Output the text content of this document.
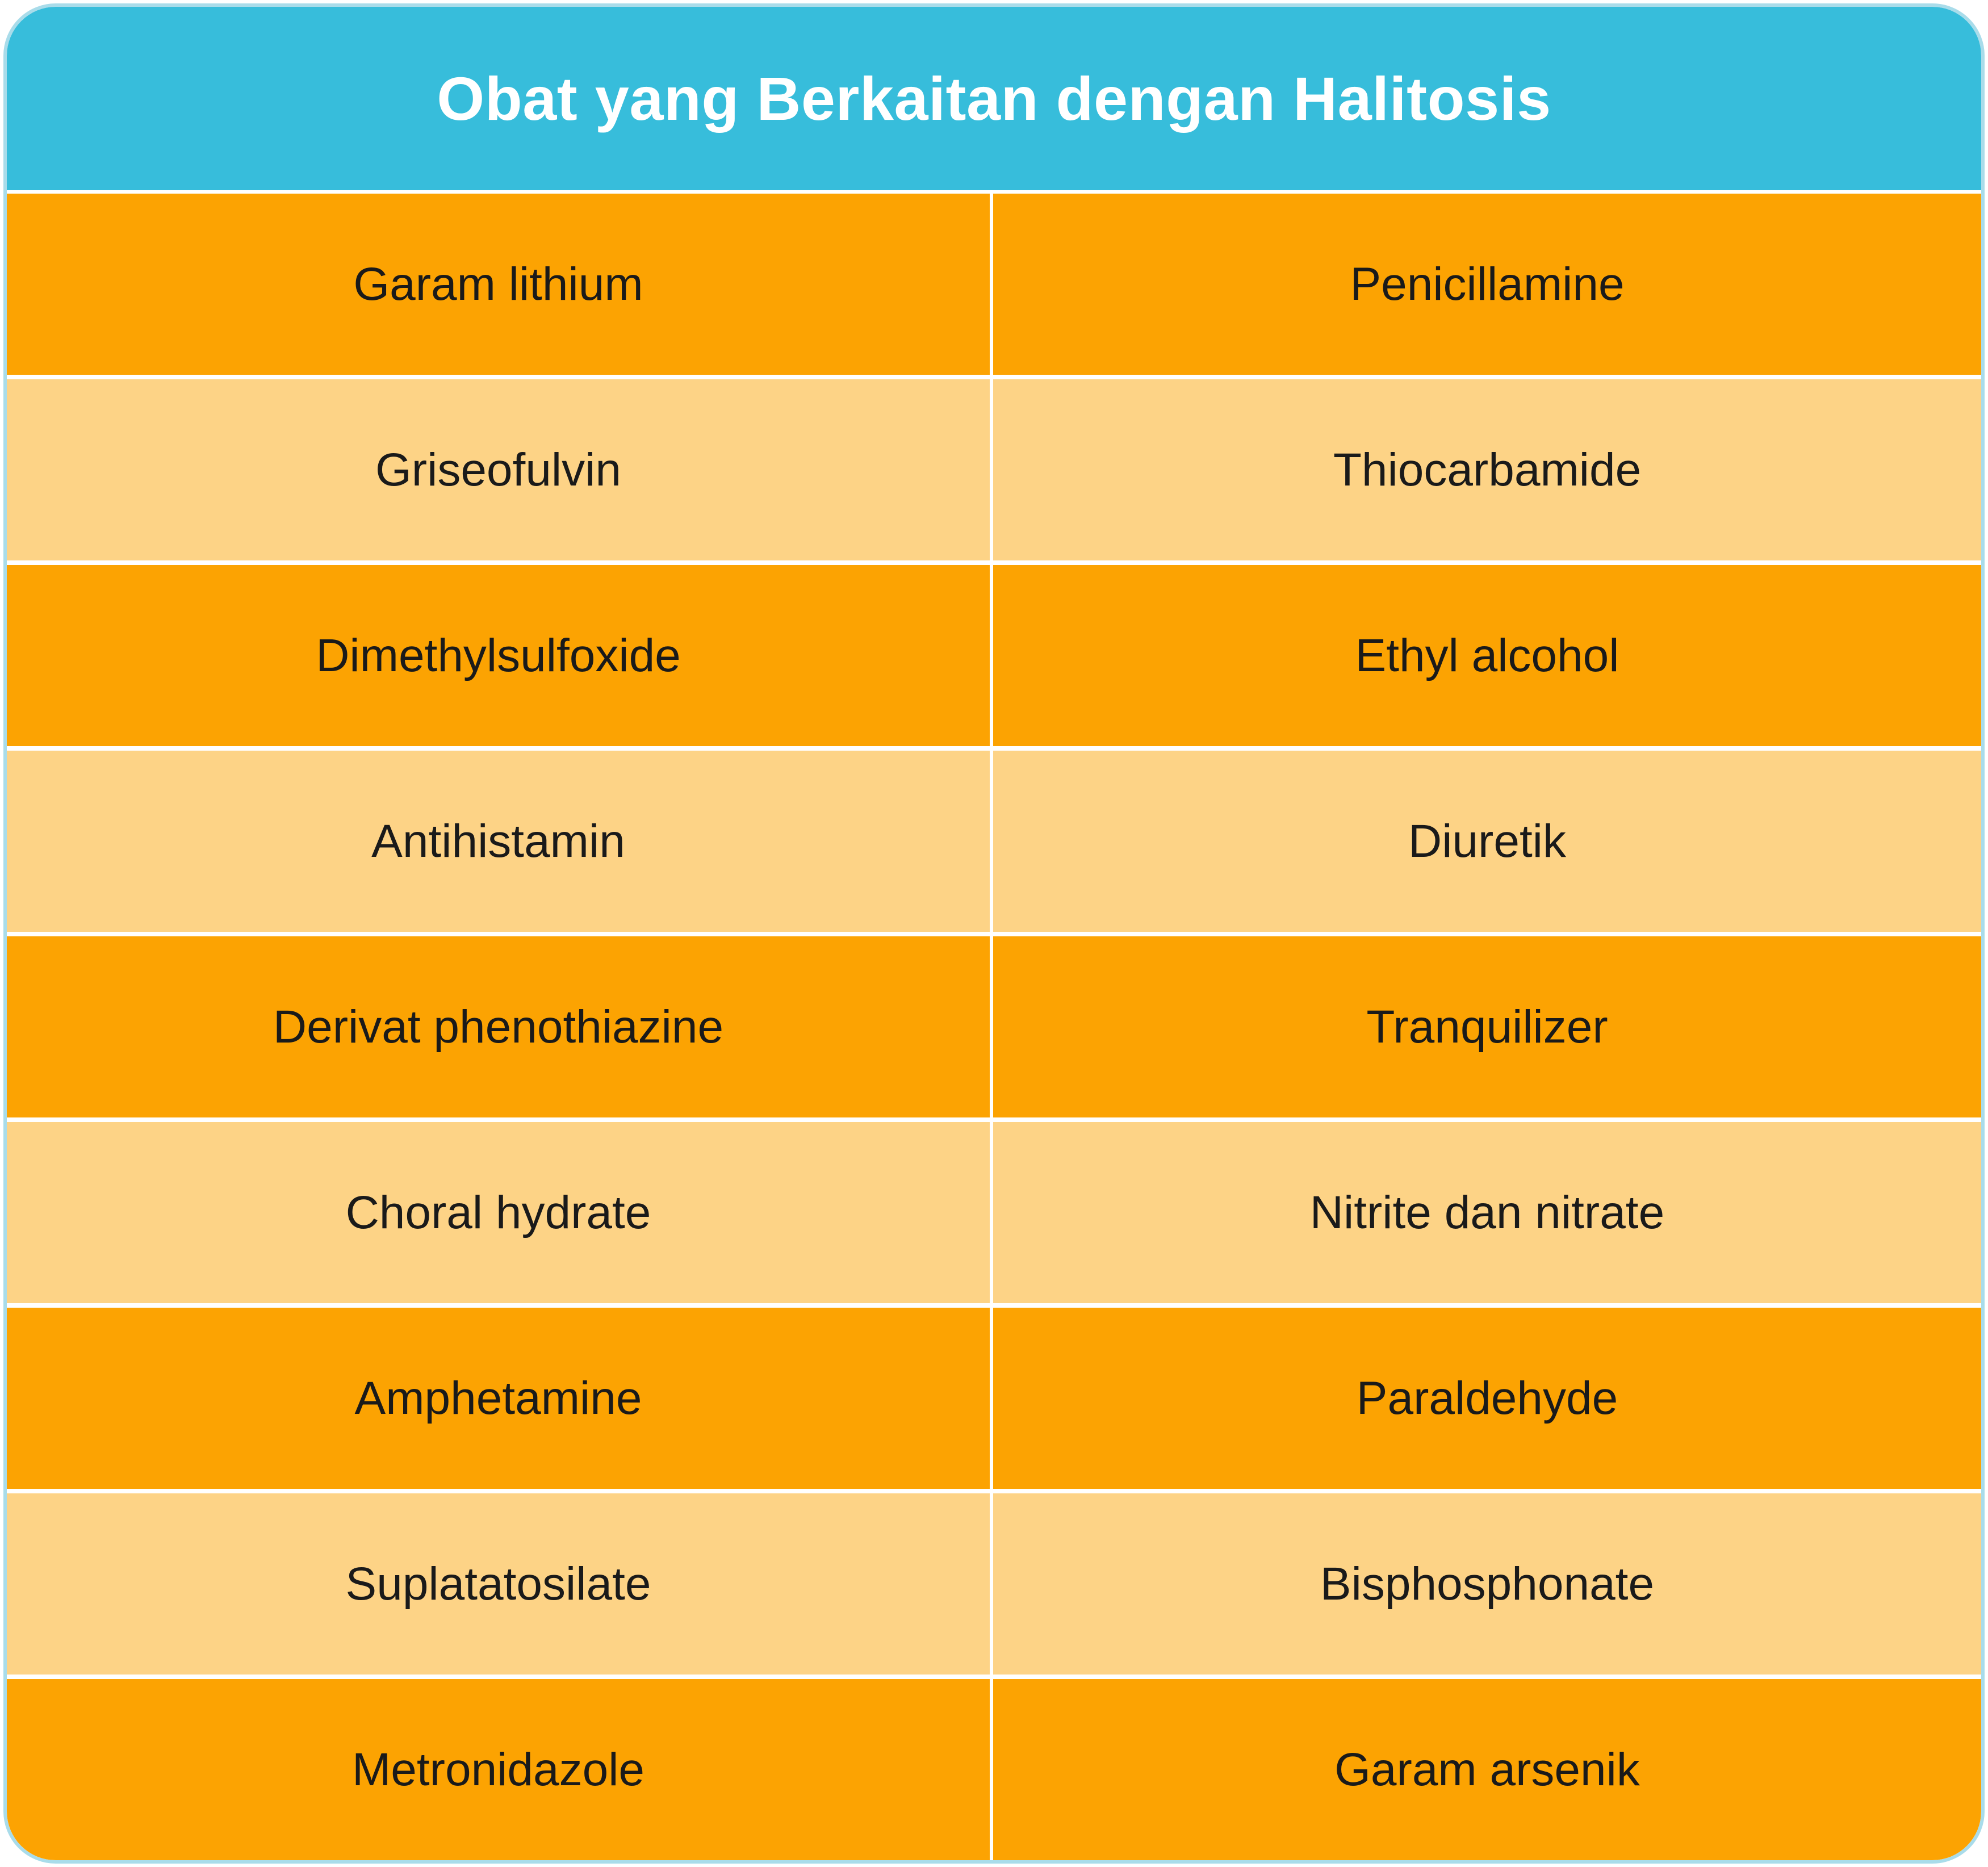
Obat yang Berkaitan dengan Halitosis
Garam lithium	Penicillamine
Griseofulvin	Thiocarbamide
Dimethylsulfoxide	Ethyl alcohol
Antihistamin	Diuretik
Derivat phenothiazine	Tranquilizer
Choral hydrate	Nitrite dan nitrate
Amphetamine	Paraldehyde
Suplatatosilate	Bisphosphonate
Metronidazole	Garam arsenik
